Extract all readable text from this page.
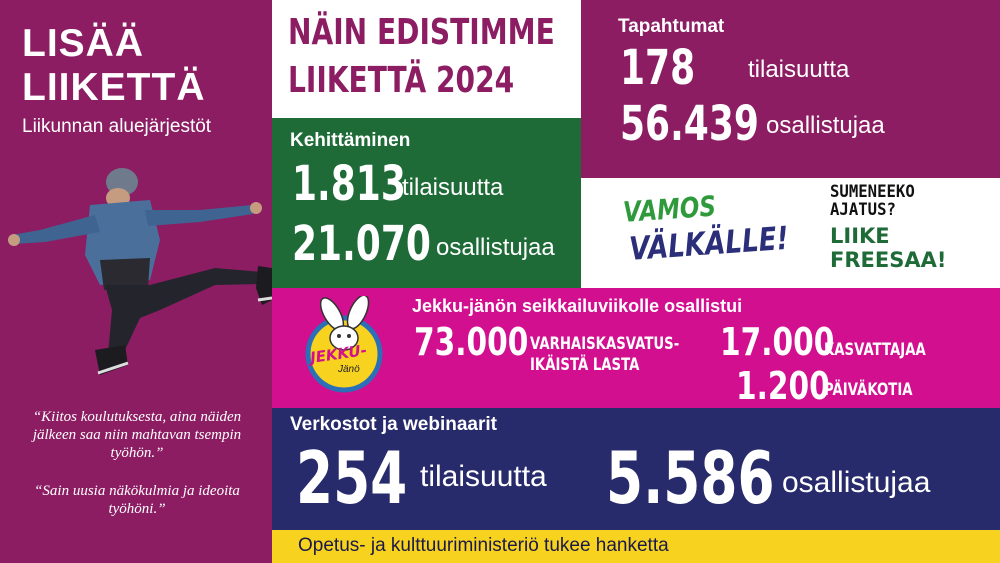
LISÄÄ
LIIKETTÄ
Liikunnan aluejärjestöt
“Kiitos koulutuksesta, aina näiden jälkeen saa niin mahtavan tsempin työhön.”
“Sain uusia näkökulmia ja ideoita työhöni.”
NÄIN EDISTIMME
LIIKETTÄ 2024
Tapahtumat
178 tilaisuutta
56.439 osallistujaa
Kehittäminen
1.813
tilaisuutta
21.070 osallistujaa
VAMOS
VÄLKÄLLE!
SUMENEEKO
AJATUS?
LIIKE
FREESAA!
JEKKU-
Jänö
Jekku-jänön seikkailuviikolle osallistui
73.000 VARHAISKASVATUS-
IKÄISTÄ LASTA
17.000
KASVATTAJAA
1.200
PÄIVÄKOTIA
Verkostot ja webinaarit
254 tilaisuutta 5.586 osallistujaa
Opetus- ja kulttuuriministeriö tukee hanketta
